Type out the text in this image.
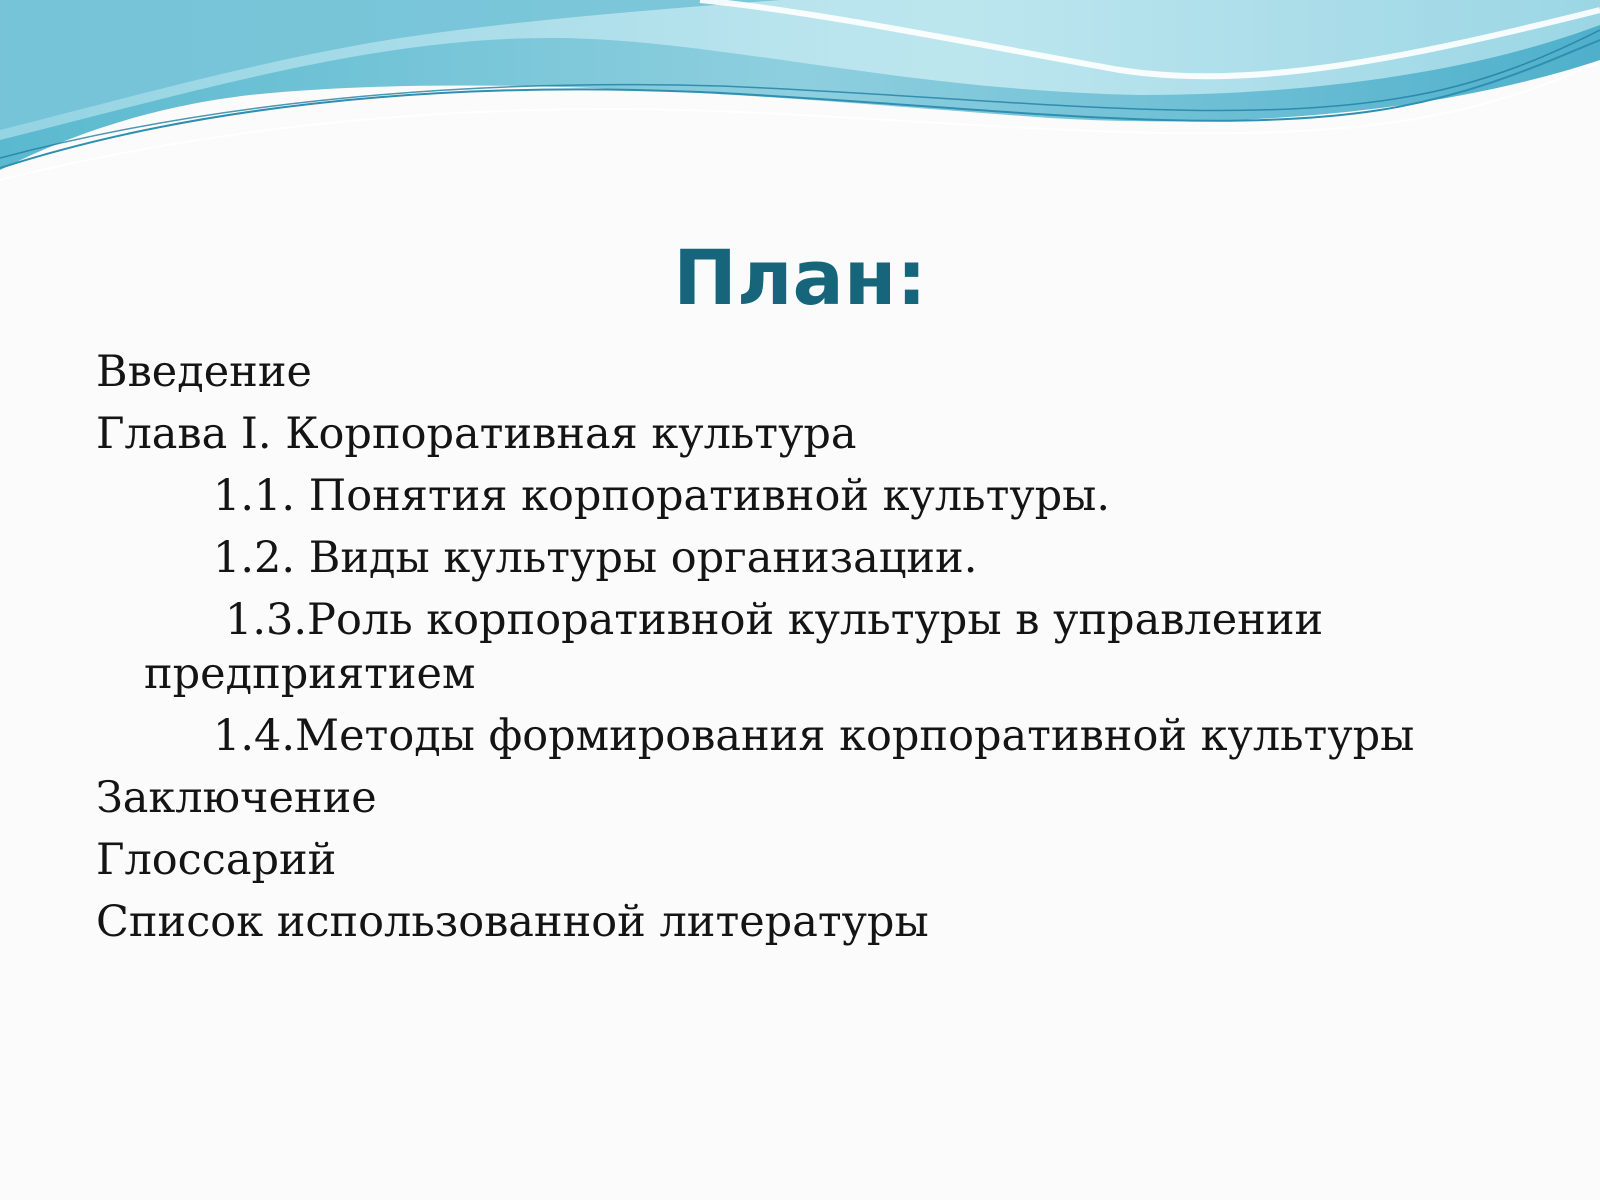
План:
Введение
Глава I. Корпоративная культура
1.1. Понятия корпоративной культуры.
1.2. Виды культуры организации.
1.3.Роль корпоративной культуры в управлении предприятием
1.4.Методы формирования корпоративной культуры
Заключение
Глоссарий
Список использованной литературы
